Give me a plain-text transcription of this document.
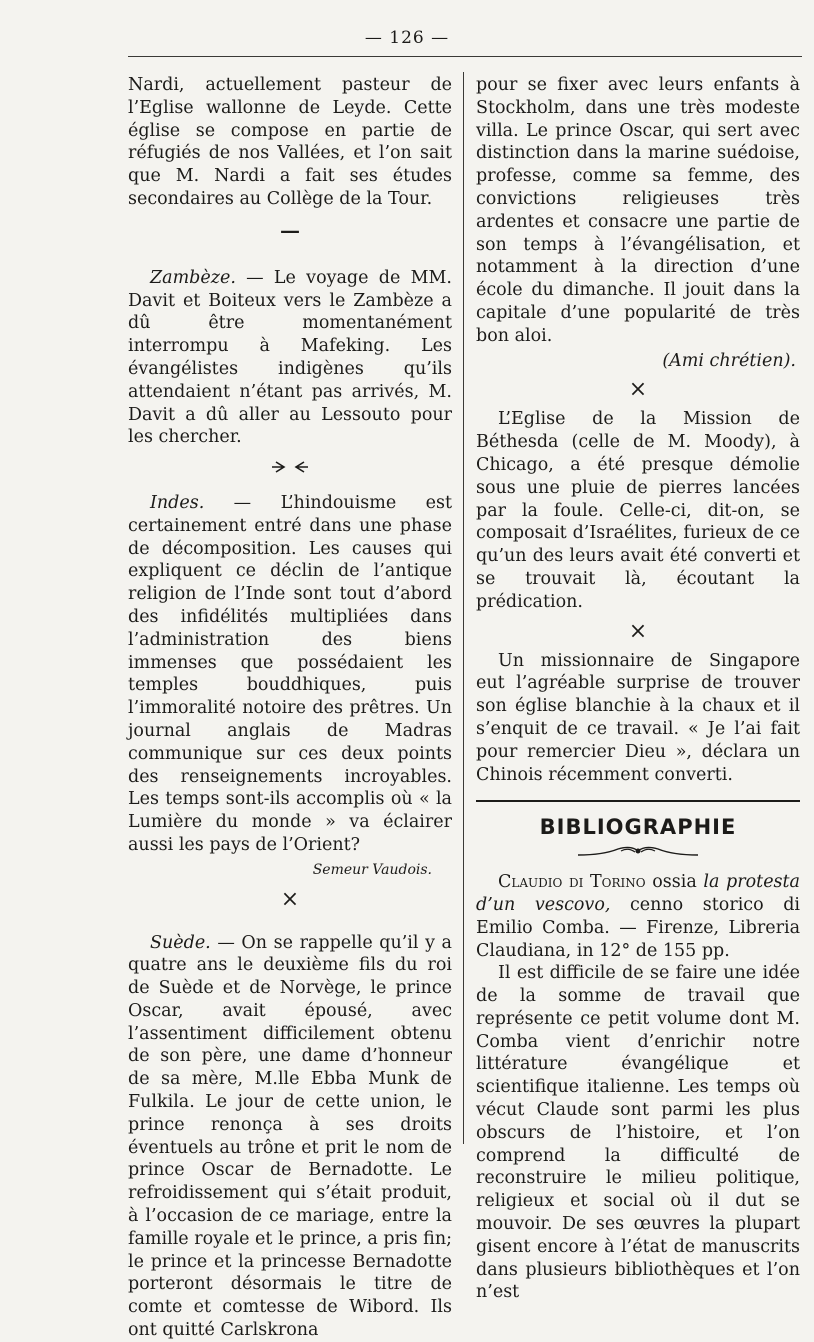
— 126 —

Nardi, actuellement pasteur de l’Eglise wallonne de Leyde. Cette église se compose en partie de réfugiés de nos Vallées, et l’on sait que M. Nardi a fait ses études secondaires au Collège de la Tour.

—

Zambèze. — Le voyage de MM. Davit et Boiteux vers le Zambèze a dû être momentanément interrompu à Mafeking. Les évangélistes indigènes qu’ils attendaient n’étant pas arrivés, M. Davit a dû aller au Lessouto pour les chercher.

Indes. — L’hindouisme est certainement entré dans une phase de décomposition. Les causes qui expliquent ce déclin de l’antique religion de l’Inde sont tout d’abord des infidélités multipliées dans l’administration des biens immenses que possédaient les temples bouddhiques, puis l’immoralité notoire des prêtres. Un journal anglais de Madras communique sur ces deux points des renseignements incroyables. Les temps sont-ils accomplis où « la Lumière du monde » va éclairer aussi les pays de l’Orient?

Semeur Vaudois.
×

Suède. — On se rappelle qu’il y a quatre ans le deuxième fils du roi de Suède et de Norvège, le prince Oscar, avait épousé, avec l’assentiment difficilement obtenu de son père, une dame d’honneur de sa mère, M.lle Ebba Munk de Fulkila. Le jour de cette union, le prince renonça à ses droits éventuels au trône et prit le nom de prince Oscar de Bernadotte. Le refroidissement qui s’était produit, à l’occasion de ce mariage, entre la famille royale et le prince, a pris fin; le prince et la princesse Bernadotte porteront désormais le titre de comte et comtesse de Wibord. Ils ont quitté Carlskrona

pour se fixer avec leurs enfants à Stockholm, dans une très modeste villa. Le prince Oscar, qui sert avec distinction dans la marine suédoise, professe, comme sa femme, des convictions religieuses très ardentes et consacre une partie de son temps à l’évangélisation, et notamment à la direction d’une école du dimanche. Il jouit dans la capitale d’une popularité de très bon aloi.

(Ami chrétien).
×

L’Eglise de la Mission de Béthesda (celle de M. Moody), à Chicago, a été presque démolie sous une pluie de pierres lancées par la foule. Celle-ci, dit-on, se composait d’Israélites, furieux de ce qu’un des leurs avait été converti et se trouvait là, écoutant la prédication.

×

Un missionnaire de Singapore eut l’agréable surprise de trouver son église blanchie à la chaux et il s’enquit de ce travail. « Je l’ai fait pour remercier Dieu », déclara un Chinois récemment converti.

BIBLIOGRAPHIE

Claudio di Torino ossia la protesta d’un vescovo, cenno storico di Emilio Comba. — Firenze, Libreria Claudiana, in 12° de 155 pp.

Il est difficile de se faire une idée de la somme de travail que représente ce petit volume dont M. Comba vient d’enrichir notre littérature évangélique et scientifique italienne. Les temps où vécut Claude sont parmi les plus obscurs de l’histoire, et l’on comprend la difficulté de reconstruire le milieu politique, religieux et social où il dut se mouvoir. De ses œuvres la plupart gisent encore à l’état de manuscrits dans plusieurs bibliothèques et l’on n’est
